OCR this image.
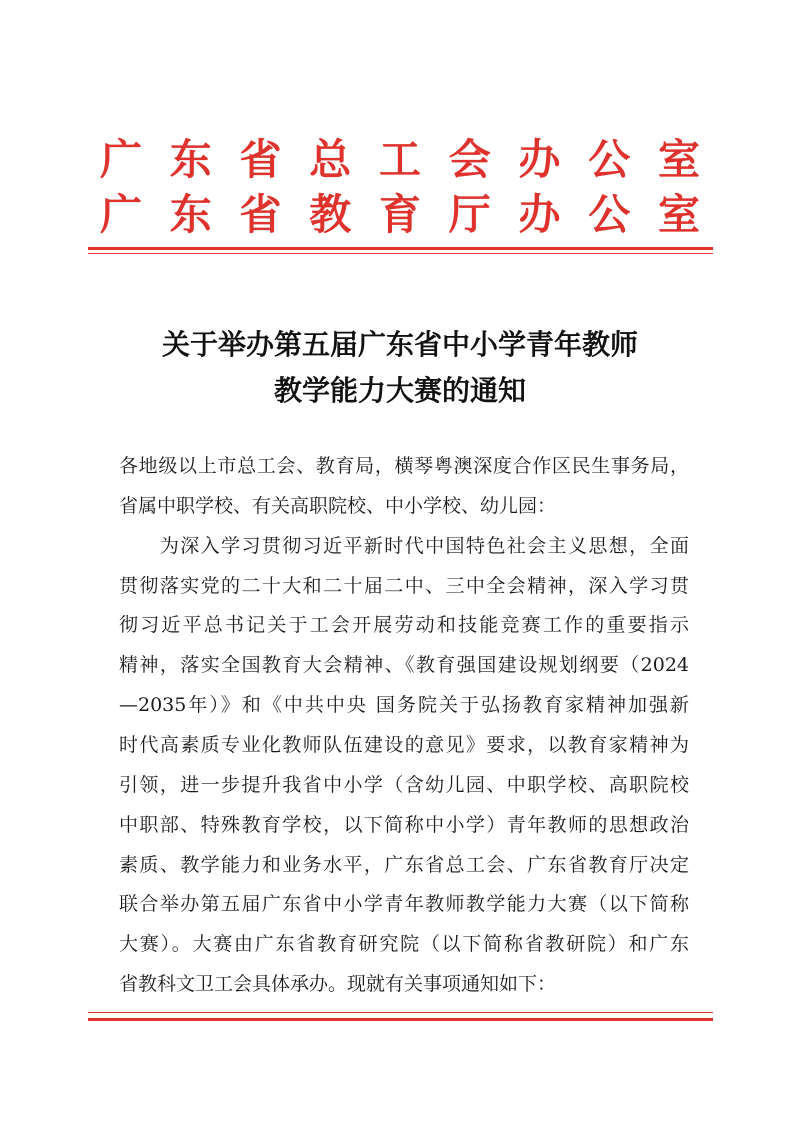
广东省总工会办公室
广东省教育厅办公室
关于举办第五届广东省中小学青年教师
教学能力大赛的通知
各地级以上市总工会、教育局，横琴粤澳深度合作区民生事务局，
省属中职学校、有关高职院校、中小学校、幼儿园：
　　为深入学习贯彻习近平新时代中国特色社会主义思想，全面
贯彻落实党的二十大和二十届二中、三中全会精神，深入学习贯
彻习近平总书记关于工会开展劳动和技能竞赛工作的重要指示
精神，落实全国教育大会精神、《教育强国建设规划纲要（2024
—2035年）》和《中共中央 国务院关于弘扬教育家精神加强新
时代高素质专业化教师队伍建设的意见》要求，以教育家精神为
引领，进一步提升我省中小学（含幼儿园、中职学校、高职院校
中职部、特殊教育学校，以下简称中小学）青年教师的思想政治
素质、教学能力和业务水平，广东省总工会、广东省教育厅决定
联合举办第五届广东省中小学青年教师教学能力大赛（以下简称
大赛）。大赛由广东省教育研究院（以下简称省教研院）和广东
省教科文卫工会具体承办。现就有关事项通知如下：
